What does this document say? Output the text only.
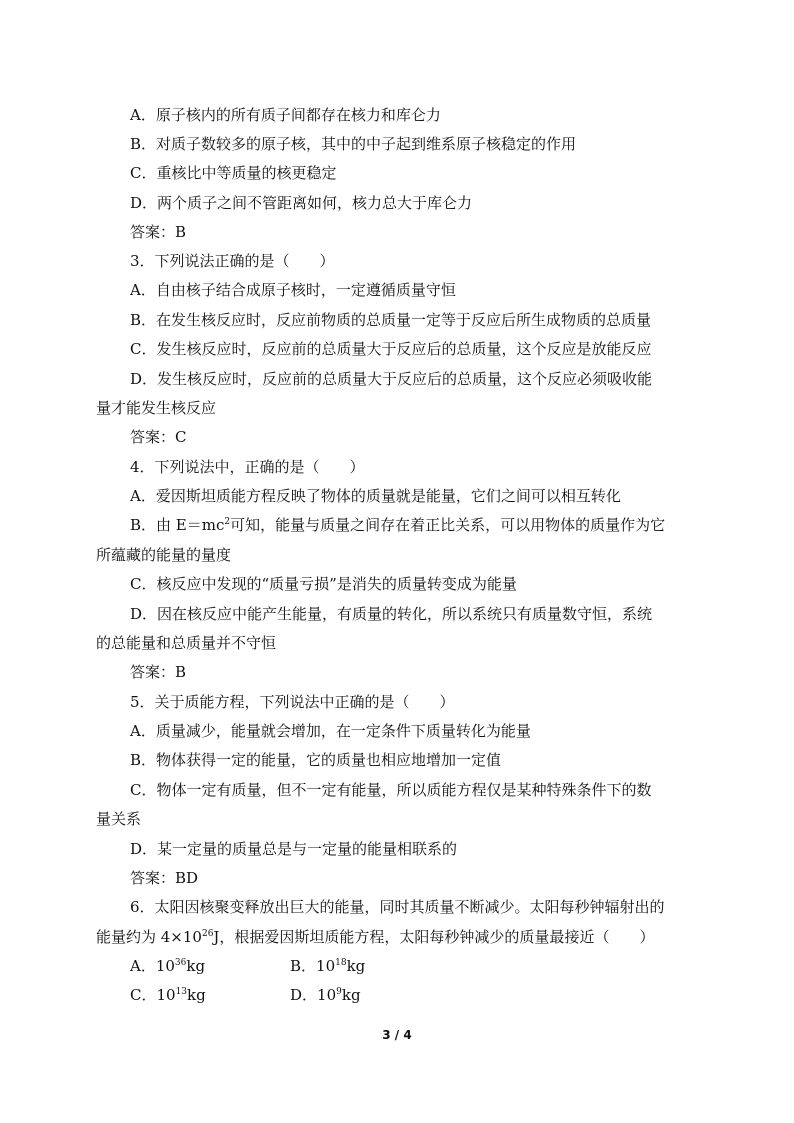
A．原子核内的所有质子间都存在核力和库仑力
B．对质子数较多的原子核，其中的中子起到维系原子核稳定的作用
C．重核比中等质量的核更稳定
D．两个质子之间不管距离如何，核力总大于库仑力
答案：B
3．下列说法正确的是（　　）
A．自由核子结合成原子核时，一定遵循质量守恒
B．在发生核反应时，反应前物质的总质量一定等于反应后所生成物质的总质量
C．发生核反应时，反应前的总质量大于反应后的总质量，这个反应是放能反应
D．发生核反应时，反应前的总质量大于反应后的总质量，这个反应必须吸收能
量才能发生核反应
答案：C
4．下列说法中，正确的是（　　）
A．爱因斯坦质能方程反映了物体的质量就是能量，它们之间可以相互转化
B．由 $E=mc^2$可知，能量与质量之间存在着正比关系，可以用物体的质量作为它
所蕴藏的能量的量度
C．核反应中发现的“质量亏损”是消失的质量转变成为能量
D．因在核反应中能产生能量，有质量的转化，所以系统只有质量数守恒，系统
的总能量和总质量并不守恒
答案：B
5．关于质能方程，下列说法中正确的是（　　）
A．质量减少，能量就会增加，在一定条件下质量转化为能量
B．物体获得一定的能量，它的质量也相应地增加一定值
C．物体一定有质量，但不一定有能量，所以质能方程仅是某种特殊条件下的数
量关系
D．某一定量的质量总是与一定量的能量相联系的
答案：BD
6．太阳因核聚变释放出巨大的能量，同时其质量不断减少。太阳每秒钟辐射出的
能量约为 $4\times 10^{26}J$，根据爱因斯坦质能方程，太阳每秒钟减少的质量最接近（　　）
A．$10^{36}kg$	B．$10^{18}kg$
C．$10^{13}kg$	D．$10^9kg$
3 / 4
